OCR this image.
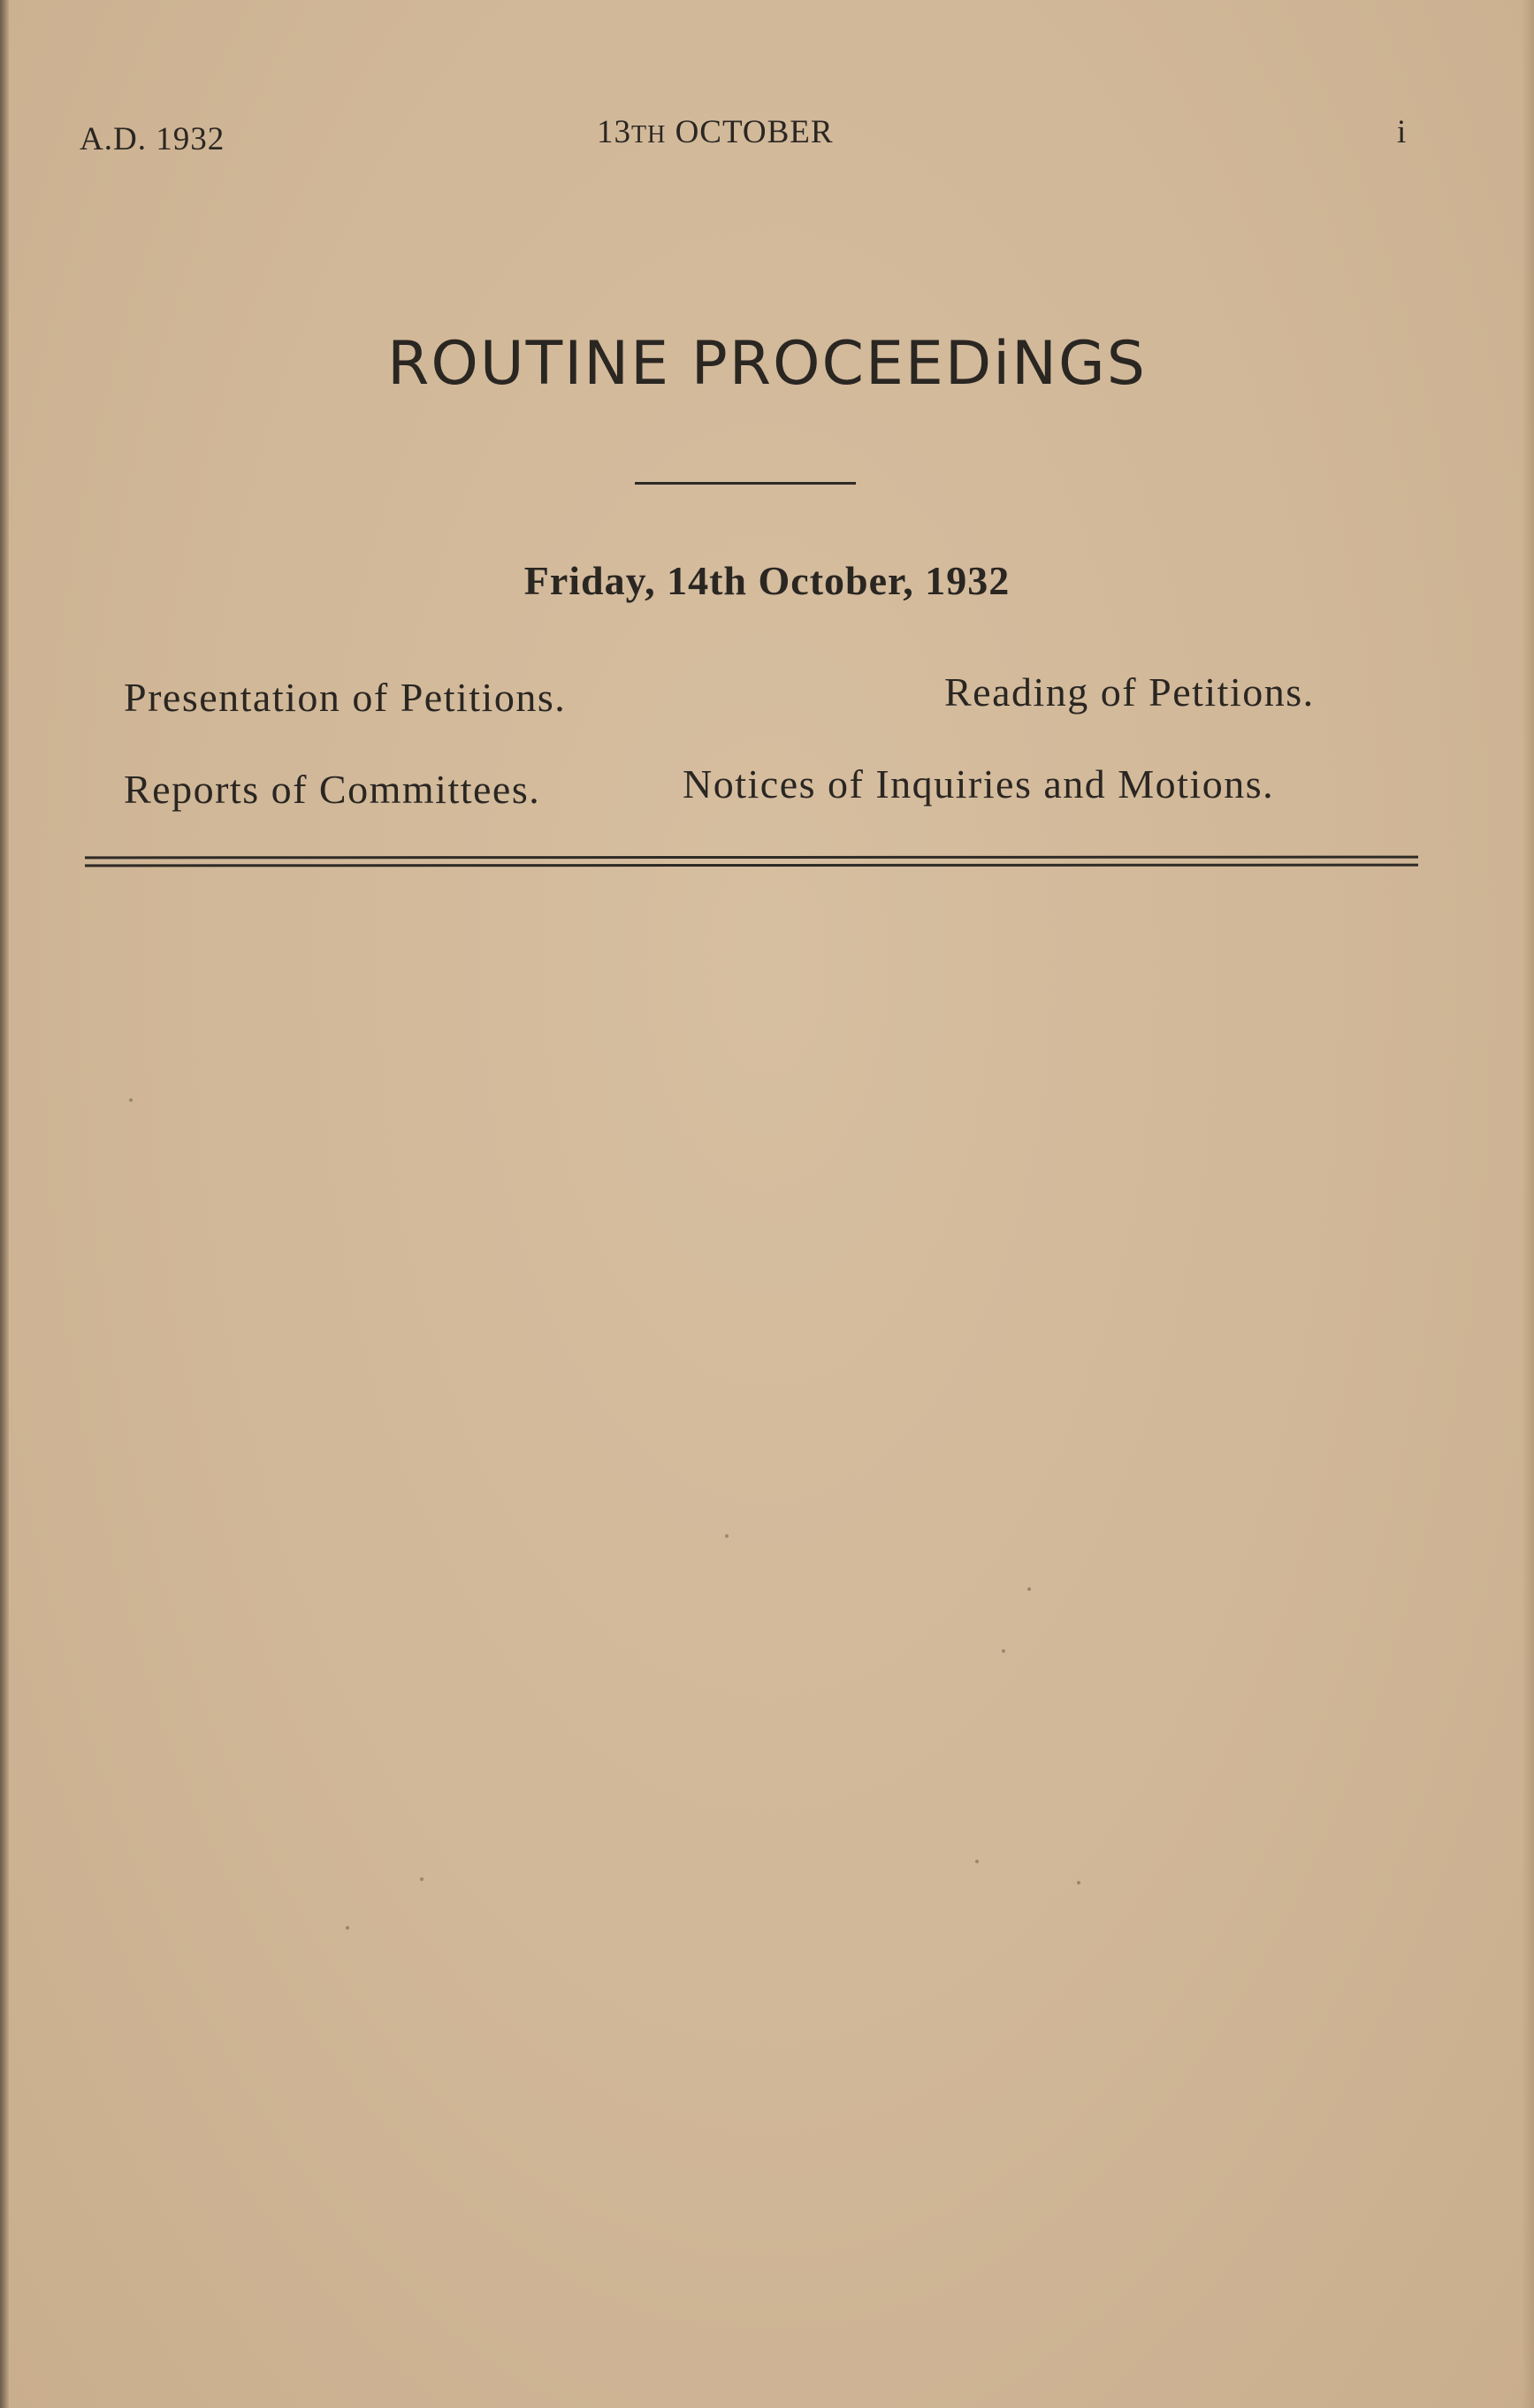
A.D. 1932	13TH OCTOBER	i
ROUTINE PROCEEDiNGS
Friday, 14th October, 1932
Presentation of Petitions.	Reading of Petitions.
Reports of Committees.	Notices of Inquiries and Motions.
